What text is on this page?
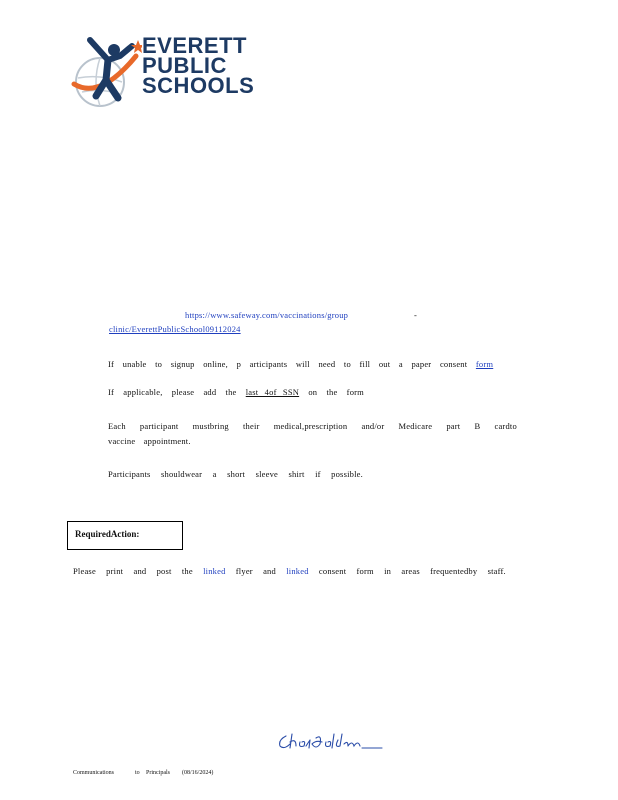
EVERETT
PUBLIC
SCHOOLS
https://www.safeway.com/vaccinations/group	-
clinic/EverettPublicSchool09112024
If unable to signup online, p articipants will need to fill out a paper consent form
If applicable, please add the last 4of SSN on the form
Each participant mustbring their medical,prescription and/or Medicare part B cardto
vaccine appointment.
Participants shouldwear a short sleeve shirt if possible.
RequiredAction:
Please print and post the linked flyer and linked consent form in areas frequentedby staff.
Communications	to Principals (08/16/2024)
